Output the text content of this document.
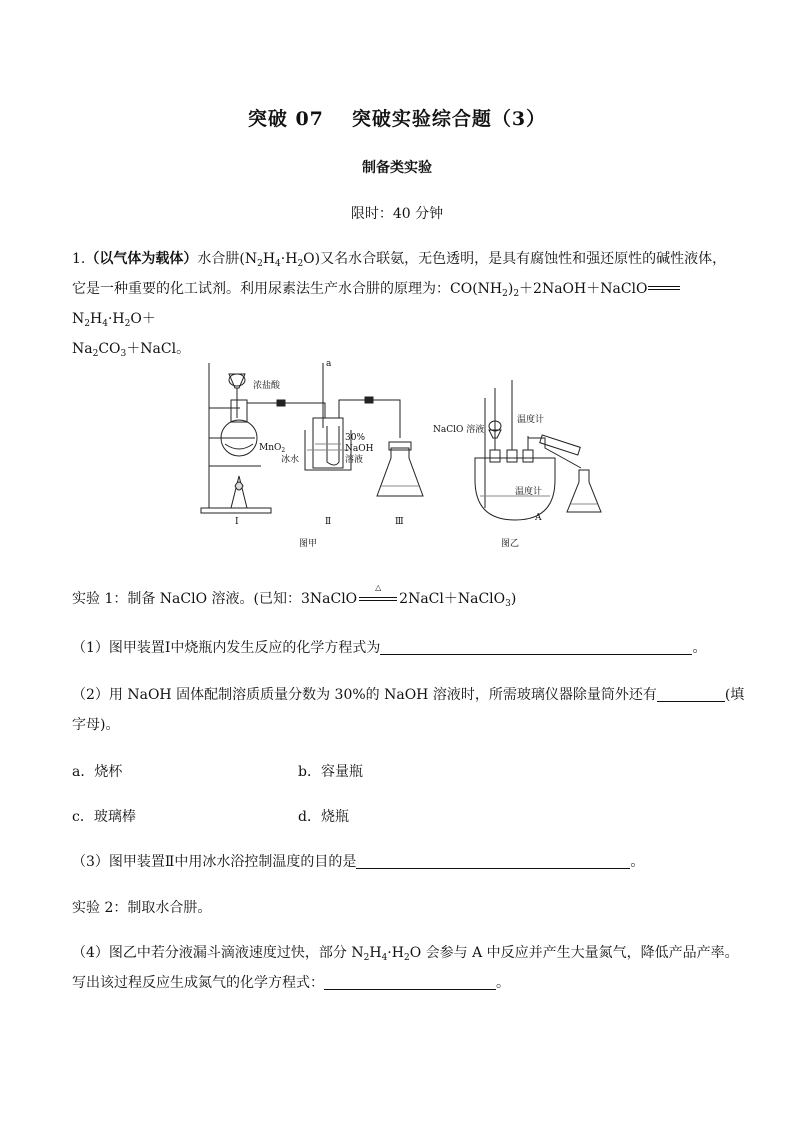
突破 07 突破实验综合题（3）
制备类实验
限时：40 分钟
1.（以气体为载体）水合肼$(N_2H_4\cdot H_2O)$又名水合联氨，无色透明，是具有腐蚀性和强还原性的碱性液体，它是一种重要的化工试剂。利用尿素法生产水合肼的原理为：$CO(NH_2)_2+2NaOH+NaClO$
$N_2H_4\cdot H_2O+$
$Na_2CO_3+NaCl$。
浓盐酸
MnO$_2$
a
30%
NaOH
溶液
冰水
Ⅰ	Ⅱ	Ⅲ
图甲
NaClO 溶液
温度计
温度计
A
图乙
实验 1：制备 NaClO 溶液。(已知：3NaClO
△
2NaCl＋NaClO$_3$)
（1）图甲装置Ⅰ中烧瓶内发生反应的化学方程式为	。
（2）用 NaOH 固体配制溶质质量分数为 30%的 NaOH 溶液时，所需玻璃仪器除量筒外还有	(填
字母)。
a．烧杯	b．容量瓶
c．玻璃棒	d．烧瓶
（3）图甲装置Ⅱ中用冰水浴控制温度的目的是	。
实验 2：制取水合肼。
（4）图乙中若分液漏斗滴液速度过快，部分 $N_2H_4\cdot H_2O$ 会参与 A 中反应并产生大量氮气，降低产品产率。
写出该过程反应生成氮气的化学方程式：	。
